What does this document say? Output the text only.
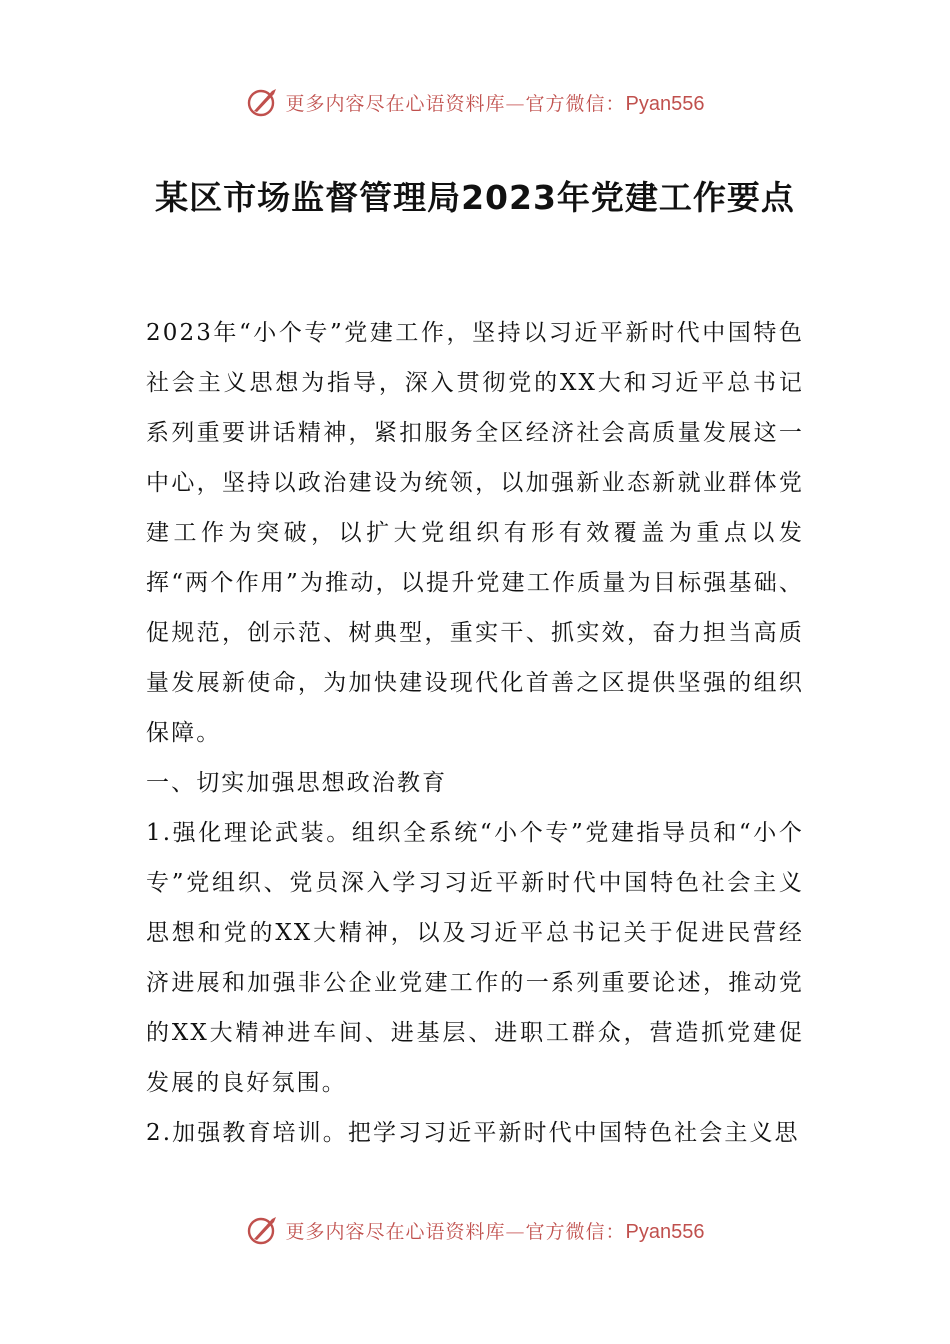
更多内容尽在心语资料库—官方微信：Pyan556
某区市场监督管理局2023年党建工作要点

2023年“小个专”党建工作，坚持以习近平新时代中国特色社会主义思想为指导，深入贯彻党的XX大和习近平总书记系列重要讲话精神，紧扣服务全区经济社会高质量发展这一中心，坚持以政治建设为统领，以加强新业态新就业群体党建工作为突破，以扩大党组织有形有效覆盖为重点以发挥“两个作用”为推动，以提升党建工作质量为目标强基础、促规范，创示范、树典型，重实干、抓实效，奋力担当高质量发展新使命，为加快建设现代化首善之区提供坚强的组织保障。

一、切实加强思想政治教育

1.强化理论武装。组织全系统“小个专”党建指导员和“小个专”党组织、党员深入学习习近平新时代中国特色社会主义思想和党的XX大精神，以及习近平总书记关于促进民营经济进展和加强非公企业党建工作的一系列重要论述，推动党的XX大精神进车间、进基层、进职工群众，营造抓党建促发展的良好氛围。

2.加强教育培训。把学习习近平新时代中国特色社会主义思

更多内容尽在心语资料库—官方微信：Pyan556
